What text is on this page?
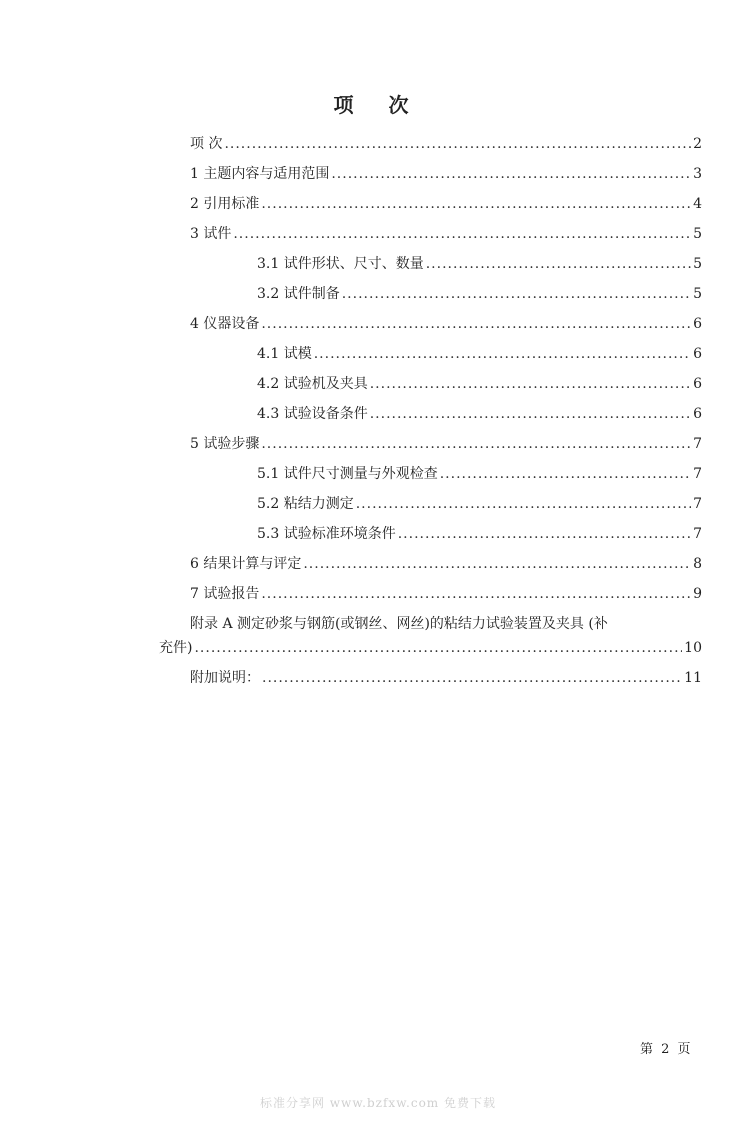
项 次
项 次 .....	2
1 主题内容与适用范围 .....	3
2 引用标准 .....	4
3 试件 .....	5
3.1 试件形状、尺寸、数量 .....	5
3.2 试件制备 .....	5
4 仪器设备 .....	6
4.1 试模 .....	6
4.2 试验机及夹具 .....	6
4.3 试验设备条件 .....	6
5 试验步骤 .....	7
5.1 试件尺寸测量与外观检查 .....	7
5.2 粘结力测定 .....	7
5.3 试验标准环境条件 .....	7
6 结果计算与评定 .....	8
7 试验报告 .....	9
附录 A 测定砂浆与钢筋(或钢丝、网丝)的粘结力试验装置及夹具 (补
充件) .....	10
附加说明： .....	11
第 2 页
标准分享网 www.bzfxw.com 免费下载
